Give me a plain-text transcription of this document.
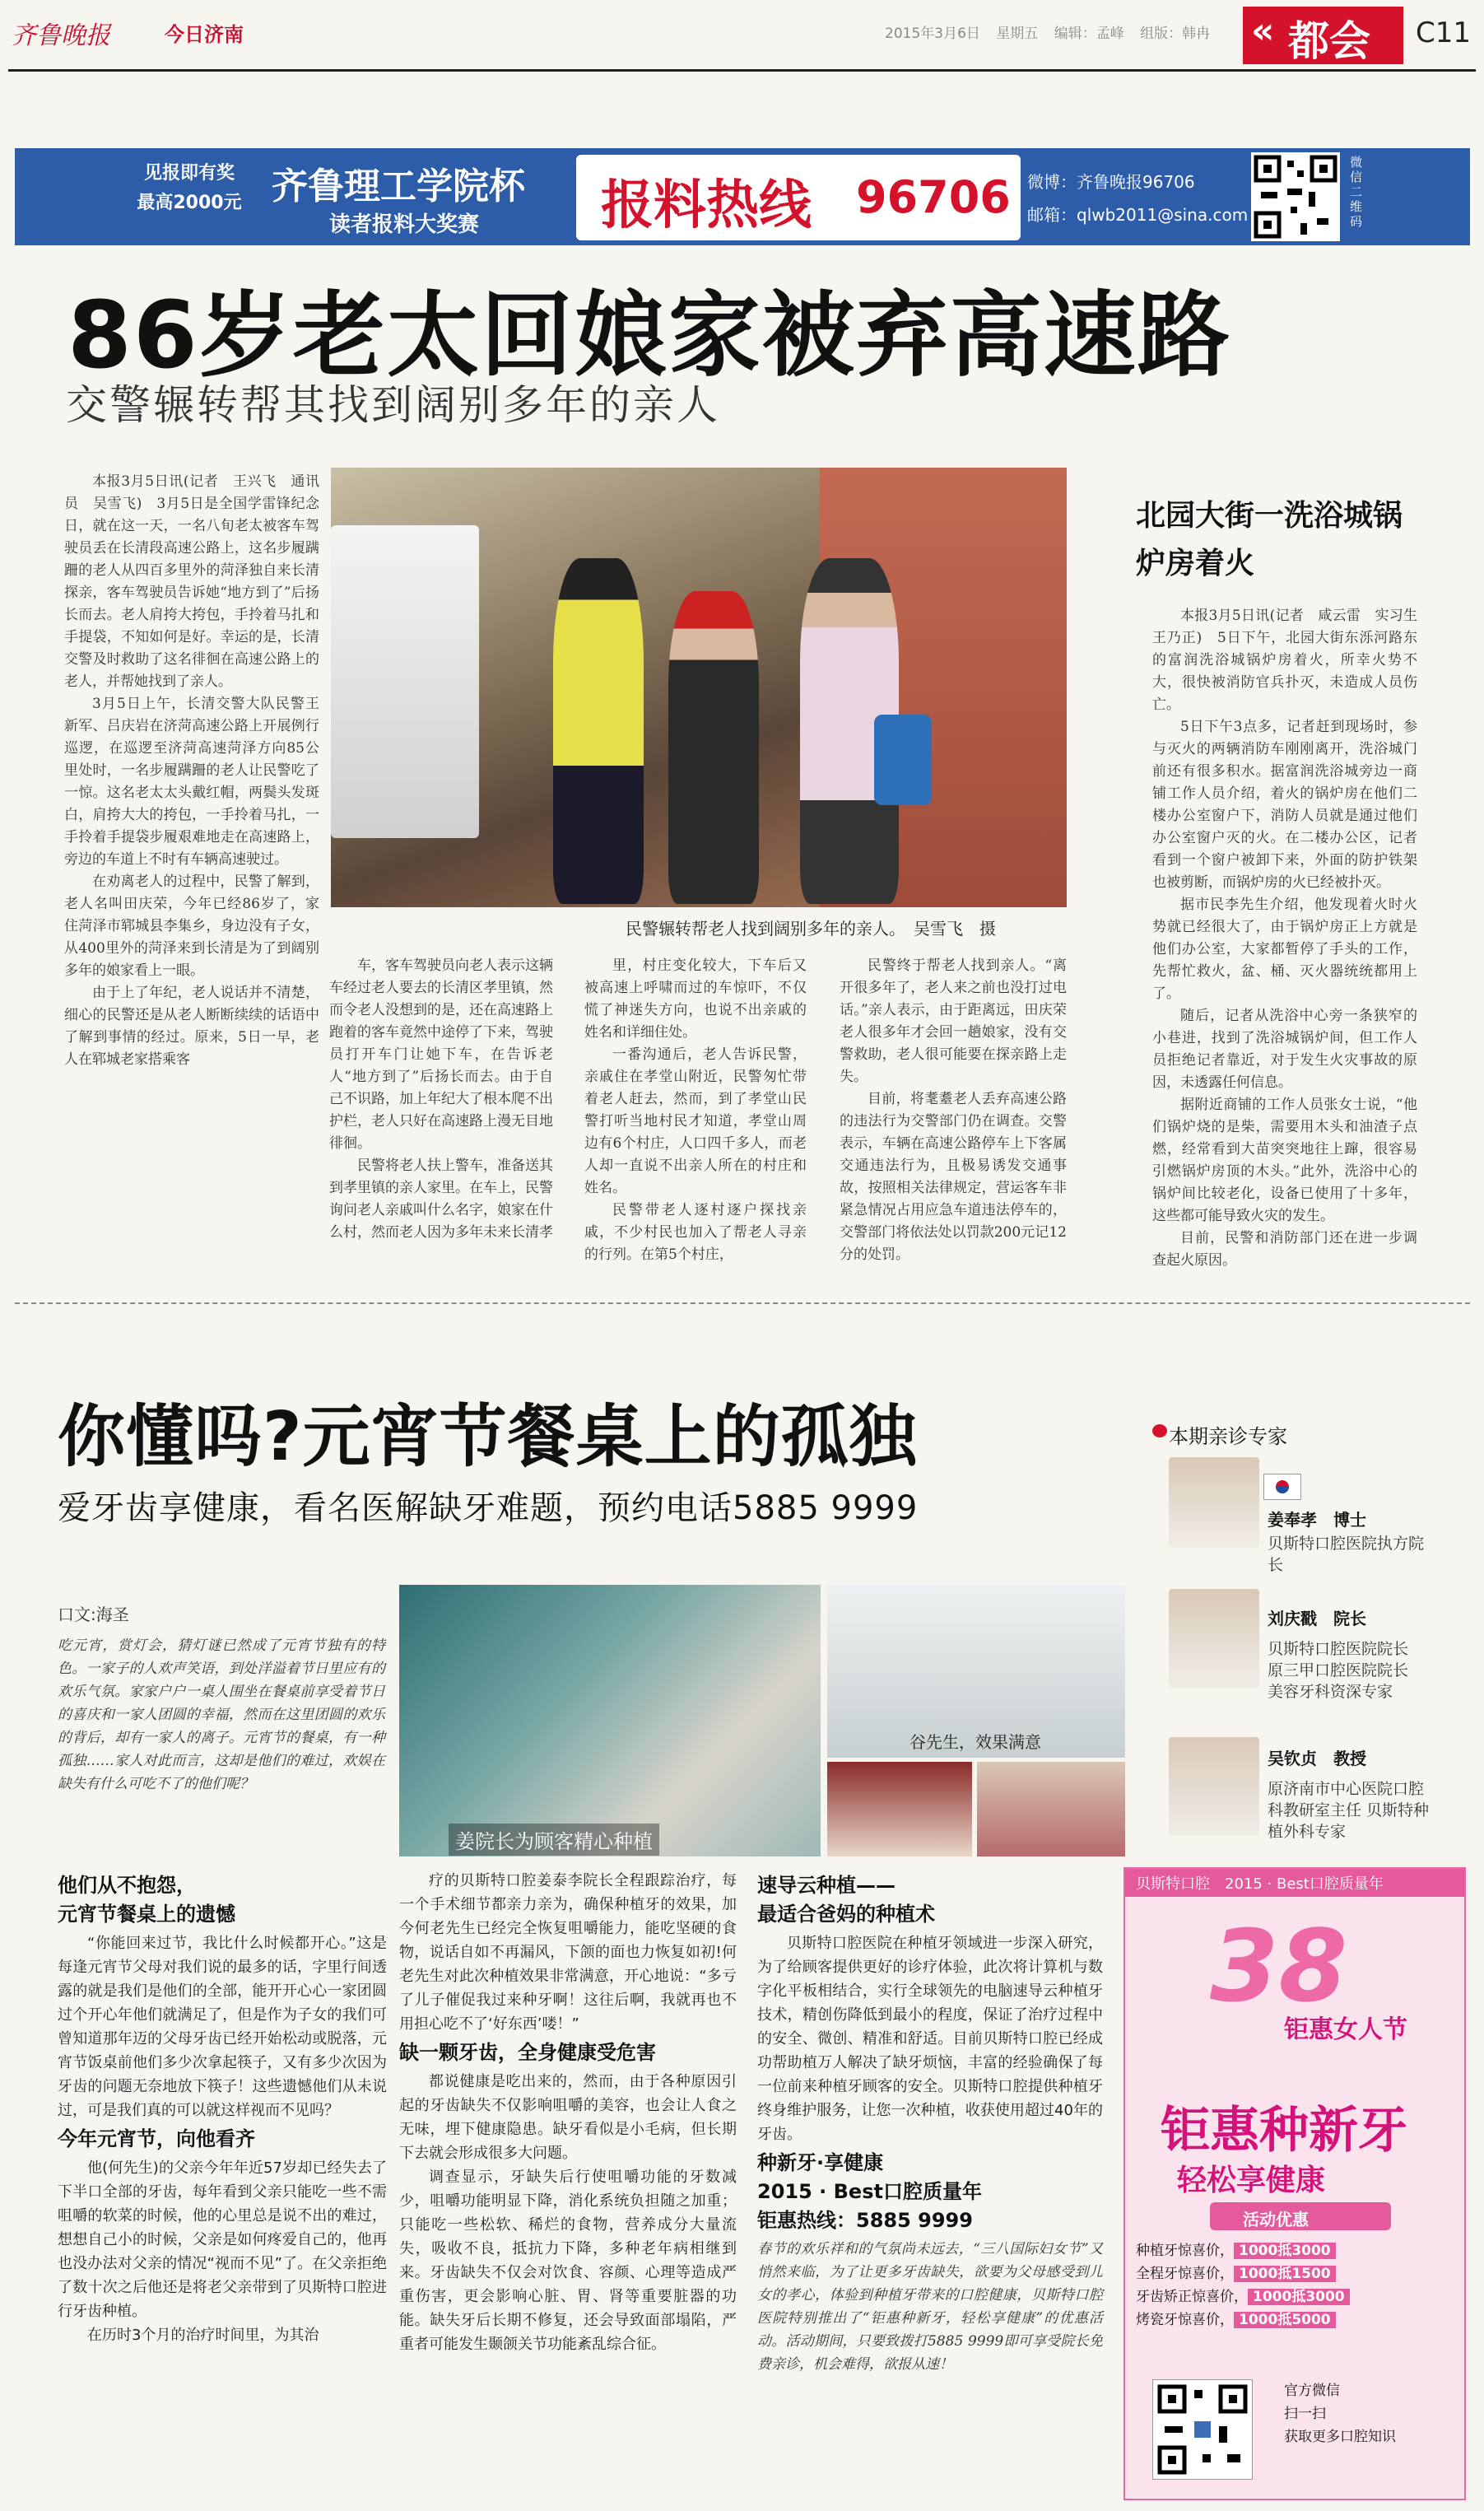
齐鲁晚报	今日济南	2015年3月6日 星期五 编辑：孟峰 组版：韩冉	« 都会 C11
见报即有奖
最高2000元 齐鲁理工学院杯
读者报料大奖赛 报料热线 96706 微博：齐鲁晚报96706
邮箱：qlwb2011@sina.com
微信二维码
86岁老太回娘家被弃高速路
交警辗转帮其找到阔别多年的亲人

本报3月5日讯(记者　王兴飞　通讯员　吴雪飞)　3月5日是全国学雷锋纪念日，就在这一天，一名八旬老太被客车驾驶员丢在长清段高速公路上，这名步履蹒跚的老人从四百多里外的菏泽独自来长清探亲，客车驾驶员告诉她“地方到了”后扬长而去。老人肩挎大挎包，手拎着马扎和手提袋，不知如何是好。幸运的是，长清交警及时救助了这名徘徊在高速公路上的老人，并帮她找到了亲人。

3月5日上午，长清交警大队民警王新军、吕庆岩在济菏高速公路上开展例行巡逻，在巡逻至济菏高速菏泽方向85公里处时，一名步履蹒跚的老人让民警吃了一惊。这名老太太头戴红帽，两鬓头发斑白，肩挎大大的挎包，一手拎着马扎，一手拎着手提袋步履艰难地走在高速路上，旁边的车道上不时有车辆高速驶过。

在劝离老人的过程中，民警了解到，老人名叫田庆荣，今年已经86岁了，家住菏泽市郓城县李集乡，身边没有子女，从400里外的菏泽来到长清是为了到阔别多年的娘家看上一眼。

由于上了年纪，老人说话并不清楚，细心的民警还是从老人断断续续的话语中了解到事情的经过。原来，5日一早，老人在郓城老家搭乘客

民警辗转帮老人找到阔别多年的亲人。　吴雪飞　摄

车，客车驾驶员向老人表示这辆车经过老人要去的长清区孝里镇，然而令老人没想到的是，还在高速路上跑着的客车竟然中途停了下来，驾驶员打开车门让她下车，在告诉老人“地方到了”后扬长而去。由于自己不识路，加上年纪大了根本爬不出护栏，老人只好在高速路上漫无目地徘徊。

民警将老人扶上警车，准备送其到孝里镇的亲人家里。在车上，民警询问老人亲戚叫什么名字，娘家在什么村，然而老人因为多年未来长清孝

里，村庄变化较大，下车后又被高速上呼啸而过的车惊吓，不仅慌了神迷失方向，也说不出亲戚的姓名和详细住处。

一番沟通后，老人告诉民警，亲戚住在孝堂山附近，民警匆忙带着老人赶去，然而，到了孝堂山民警打听当地村民才知道，孝堂山周边有6个村庄，人口四千多人，而老人却一直说不出亲人所在的村庄和姓名。

民警带老人逐村逐户探找亲戚，不少村民也加入了帮老人寻亲的行列。在第5个村庄，

民警终于帮老人找到亲人。“离开很多年了，老人来之前也没打过电话。”亲人表示，由于距离远，田庆荣老人很多年才会回一趟娘家，没有交警救助，老人很可能要在探亲路上走失。

目前，将耄耋老人丢弃高速公路的违法行为交警部门仍在调查。交警表示，车辆在高速公路停车上下客属交通违法行为，且极易诱发交通事故，按照相关法律规定，营运客车非紧急情况占用应急车道违法停车的，交警部门将依法处以罚款200元记12分的处罚。

北园大街一洗浴城锅炉房着火

本报3月5日讯(记者　咸云雷　实习生　王乃正)　5日下午，北园大街东泺河路东的富润洗浴城锅炉房着火，所幸火势不大，很快被消防官兵扑灭，未造成人员伤亡。

5日下午3点多，记者赶到现场时，参与灭火的两辆消防车刚刚离开，洗浴城门前还有很多积水。据富润洗浴城旁边一商铺工作人员介绍，着火的锅炉房在他们二楼办公室窗户下，消防人员就是通过他们办公室窗户灭的火。在二楼办公区，记者看到一个窗户被卸下来，外面的防护铁架也被剪断，而锅炉房的火已经被扑灭。

据市民李先生介绍，他发现着火时火势就已经很大了，由于锅炉房正上方就是他们办公室，大家都暂停了手头的工作，先帮忙救火，盆、桶、灭火器统统都用上了。

随后，记者从洗浴中心旁一条狭窄的小巷进，找到了洗浴城锅炉间，但工作人员拒绝记者靠近，对于发生火灾事故的原因，未透露任何信息。

据附近商铺的工作人员张女士说，“他们锅炉烧的是柴，需要用木头和油渣子点燃，经常看到大苗突突地往上蹿，很容易引燃锅炉房顶的木头。”此外，洗浴中心的锅炉间比较老化，设备已使用了十多年，这些都可能导致火灾的发生。

目前，民警和消防部门还在进一步调查起火原因。

你懂吗?元宵节餐桌上的孤独
爱牙齿享健康，看名医解缺牙难题，预约电话5885 9999
本期亲诊专家
姜奉孝　博士
贝斯特口腔医院执方院长
刘庆戳　院长
贝斯特口腔医院院长 原三甲口腔医院院长 美容牙科资深专家
吴钦贞　教授
原济南市中心医院口腔科教研室主任 贝斯特种植外科专家
口文:海圣
吃元宵，赏灯会，猜灯谜已然成了元宵节独有的特色。一家子的人欢声笑语，到处洋溢着节日里应有的欢乐气氛。家家户户一桌人围坐在餐桌前享受着节日的喜庆和一家人团圆的幸福，然而在这里团圆的欢乐的背后，却有一家人的离子。元宵节的餐桌，有一种孤独……家人对此而言，这却是他们的难过，欢娱在缺失有什么可吃不了的他们呢？
姜院长为顾客精心种植
谷先生，效果满意

他们从不抱怨，

元宵节餐桌上的遗憾

“你能回来过节，我比什么时候都开心。”这是每逢元宵节父母对我们说的最多的话，字里行间透露的就是我们是他们的全部，能开开心心一家团圆过个开心年他们就满足了，但是作为子女的我们可曾知道那年迈的父母牙齿已经开始松动或脱落，元宵节饭桌前他们多少次拿起筷子，又有多少次因为牙齿的问题无奈地放下筷子！这些遗憾他们从未说过，可是我们真的可以就这样视而不见吗？

今年元宵节，向他看齐

他(何先生)的父亲今年年近57岁却已经失去了下半口全部的牙齿，每年看到父亲只能吃一些不需咀嚼的软菜的时候，他的心里总是说不出的难过，想想自己小的时候，父亲是如何疼爱自己的，他再也没办法对父亲的情况“视而不见”了。在父亲拒绝了数十次之后他还是将老父亲带到了贝斯特口腔进行牙齿种植。

在历时3个月的治疗时间里，为其治

疗的贝斯特口腔姜泰李院长全程跟踪治疗，每一个手术细节都亲力亲为，确保种植牙的效果，加今何老先生已经完全恢复咀嚼能力，能吃坚硬的食物，说话自如不再漏风，下颌的面也力恢复如初!何老先生对此次种植效果非常满意，开心地说：“多亏了儿子催促我过来种牙啊！这往后啊，我就再也不用担心吃不了‘好东西’喽！”

缺一颗牙齿，全身健康受危害

都说健康是吃出来的，然而，由于各种原因引起的牙齿缺失不仅影响咀嚼的美容，也会让人食之无味，埋下健康隐患。缺牙看似是小毛病，但长期下去就会形成很多大问题。

调查显示，牙缺失后行使咀嚼功能的牙数减少，咀嚼功能明显下降，消化系统负担随之加重；只能吃一些松软、稀烂的食物，营养成分大量流失，吸收不良，抵抗力下降，多种老年病相继到来。牙齿缺失不仅会对饮食、容颜、心理等造成严重伤害，更会影响心脏、胃、肾等重要脏器的功能。缺失牙后长期不修复，还会导致面部塌陷，严重者可能发生颞颌关节功能紊乱综合征。

速导云种植——

最适合爸妈的种植术

贝斯特口腔医院在种植牙领域进一步深入研究，为了给顾客提供更好的诊疗体验，此次将计算机与数字化平板相结合，实行全球领先的电脑速导云种植牙技术，精创伤降低到最小的程度，保证了治疗过程中的安全、微创、精准和舒适。目前贝斯特口腔已经成功帮助植万人解决了缺牙烦恼，丰富的经验确保了每一位前来种植牙顾客的安全。贝斯特口腔提供种植牙终身维护服务，让您一次种植，收获使用超过40年的牙齿。

种新牙·享健康

2015 · Best口腔质量年

钜惠热线：5885 9999

春节的欢乐祥和的气氛尚未远去，“三八国际妇女节”又悄然来临，为了让更多牙齿缺失，欲要为父母感受到儿女的孝心，体验到种植牙带来的口腔健康，贝斯特口腔医院特别推出了“钜惠种新牙，轻松享健康”的优惠活动。活动期间，只要致拨打5885 9999即可享受院长免费亲诊，机会难得，欲报从速！
贝斯特口腔　2015 · Best口腔质量年
38
钜惠女人节
钜惠种新牙
轻松享健康
活动优惠
种植牙惊喜价， 1000抵3000
全程牙惊喜价， 1000抵1500
牙齿矫正惊喜价， 1000抵3000
烤瓷牙惊喜价， 1000抵5000
官方微信
扫一扫
获取更多口腔知识
